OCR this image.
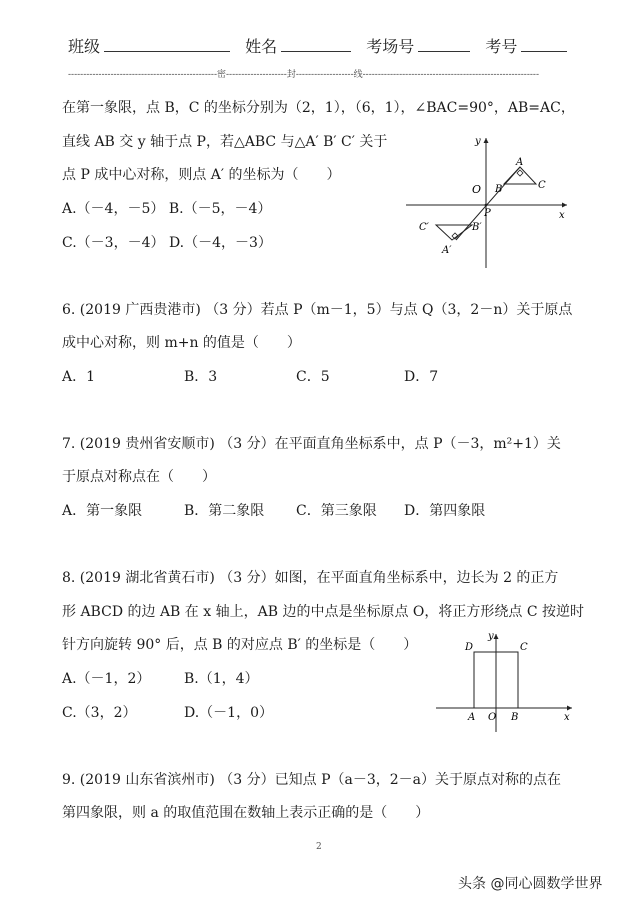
班级	姓名	考场号	考号
-------------------------------------------------密--------------------封-------------------线----------------------------------------------------------
在第一象限，点 B，C 的坐标分别为（2，1），（6，1），∠BAC=90°，AB=AC，
直线 AB 交 y 轴于点 P，若△ABC 与△A′ B′ C′ 关于
点 P 成中心对称，则点 A′ 的坐标为（　　）
A.（－4，－5） B.（－5，－4）
C.（－3，－4） D.（－4，－3）
y
x
O
P
A
B	C
A′
B′
C′
6. (2019 广西贵港市) （3 分）若点 P（m－1，5）与点 Q（3，2－n）关于原点
成中心对称，则 m+n 的值是（　　）
A．1	B．3	C．5	D．7
7. (2019 贵州省安顺市) （3 分）在平面直角坐标系中，点 P（－3，m²+1）关
于原点对称点在（　　）
A．第一象限	B．第二象限 C．第三象限 D．第四象限
8. (2019 湖北省黄石市) （3 分）如图，在平面直角坐标系中，边长为 2 的正方
形 ABCD 的边 AB 在 x 轴上，AB 边的中点是坐标原点 O，将正方形绕点 C 按逆时
针方向旋转 90° 后，点 B 的对应点 B′ 的坐标是（　　）
A.（－1，2） B.（1，4）
C.（3，2）	D.（－1，0）
y
x
A O B
C
D
9. (2019 山东省滨州市) （3 分）已知点 P（a－3，2－a）关于原点对称的点在
第四象限，则 a 的取值范围在数轴上表示正确的是（　　）
2
头条 @同心圆数学世界
